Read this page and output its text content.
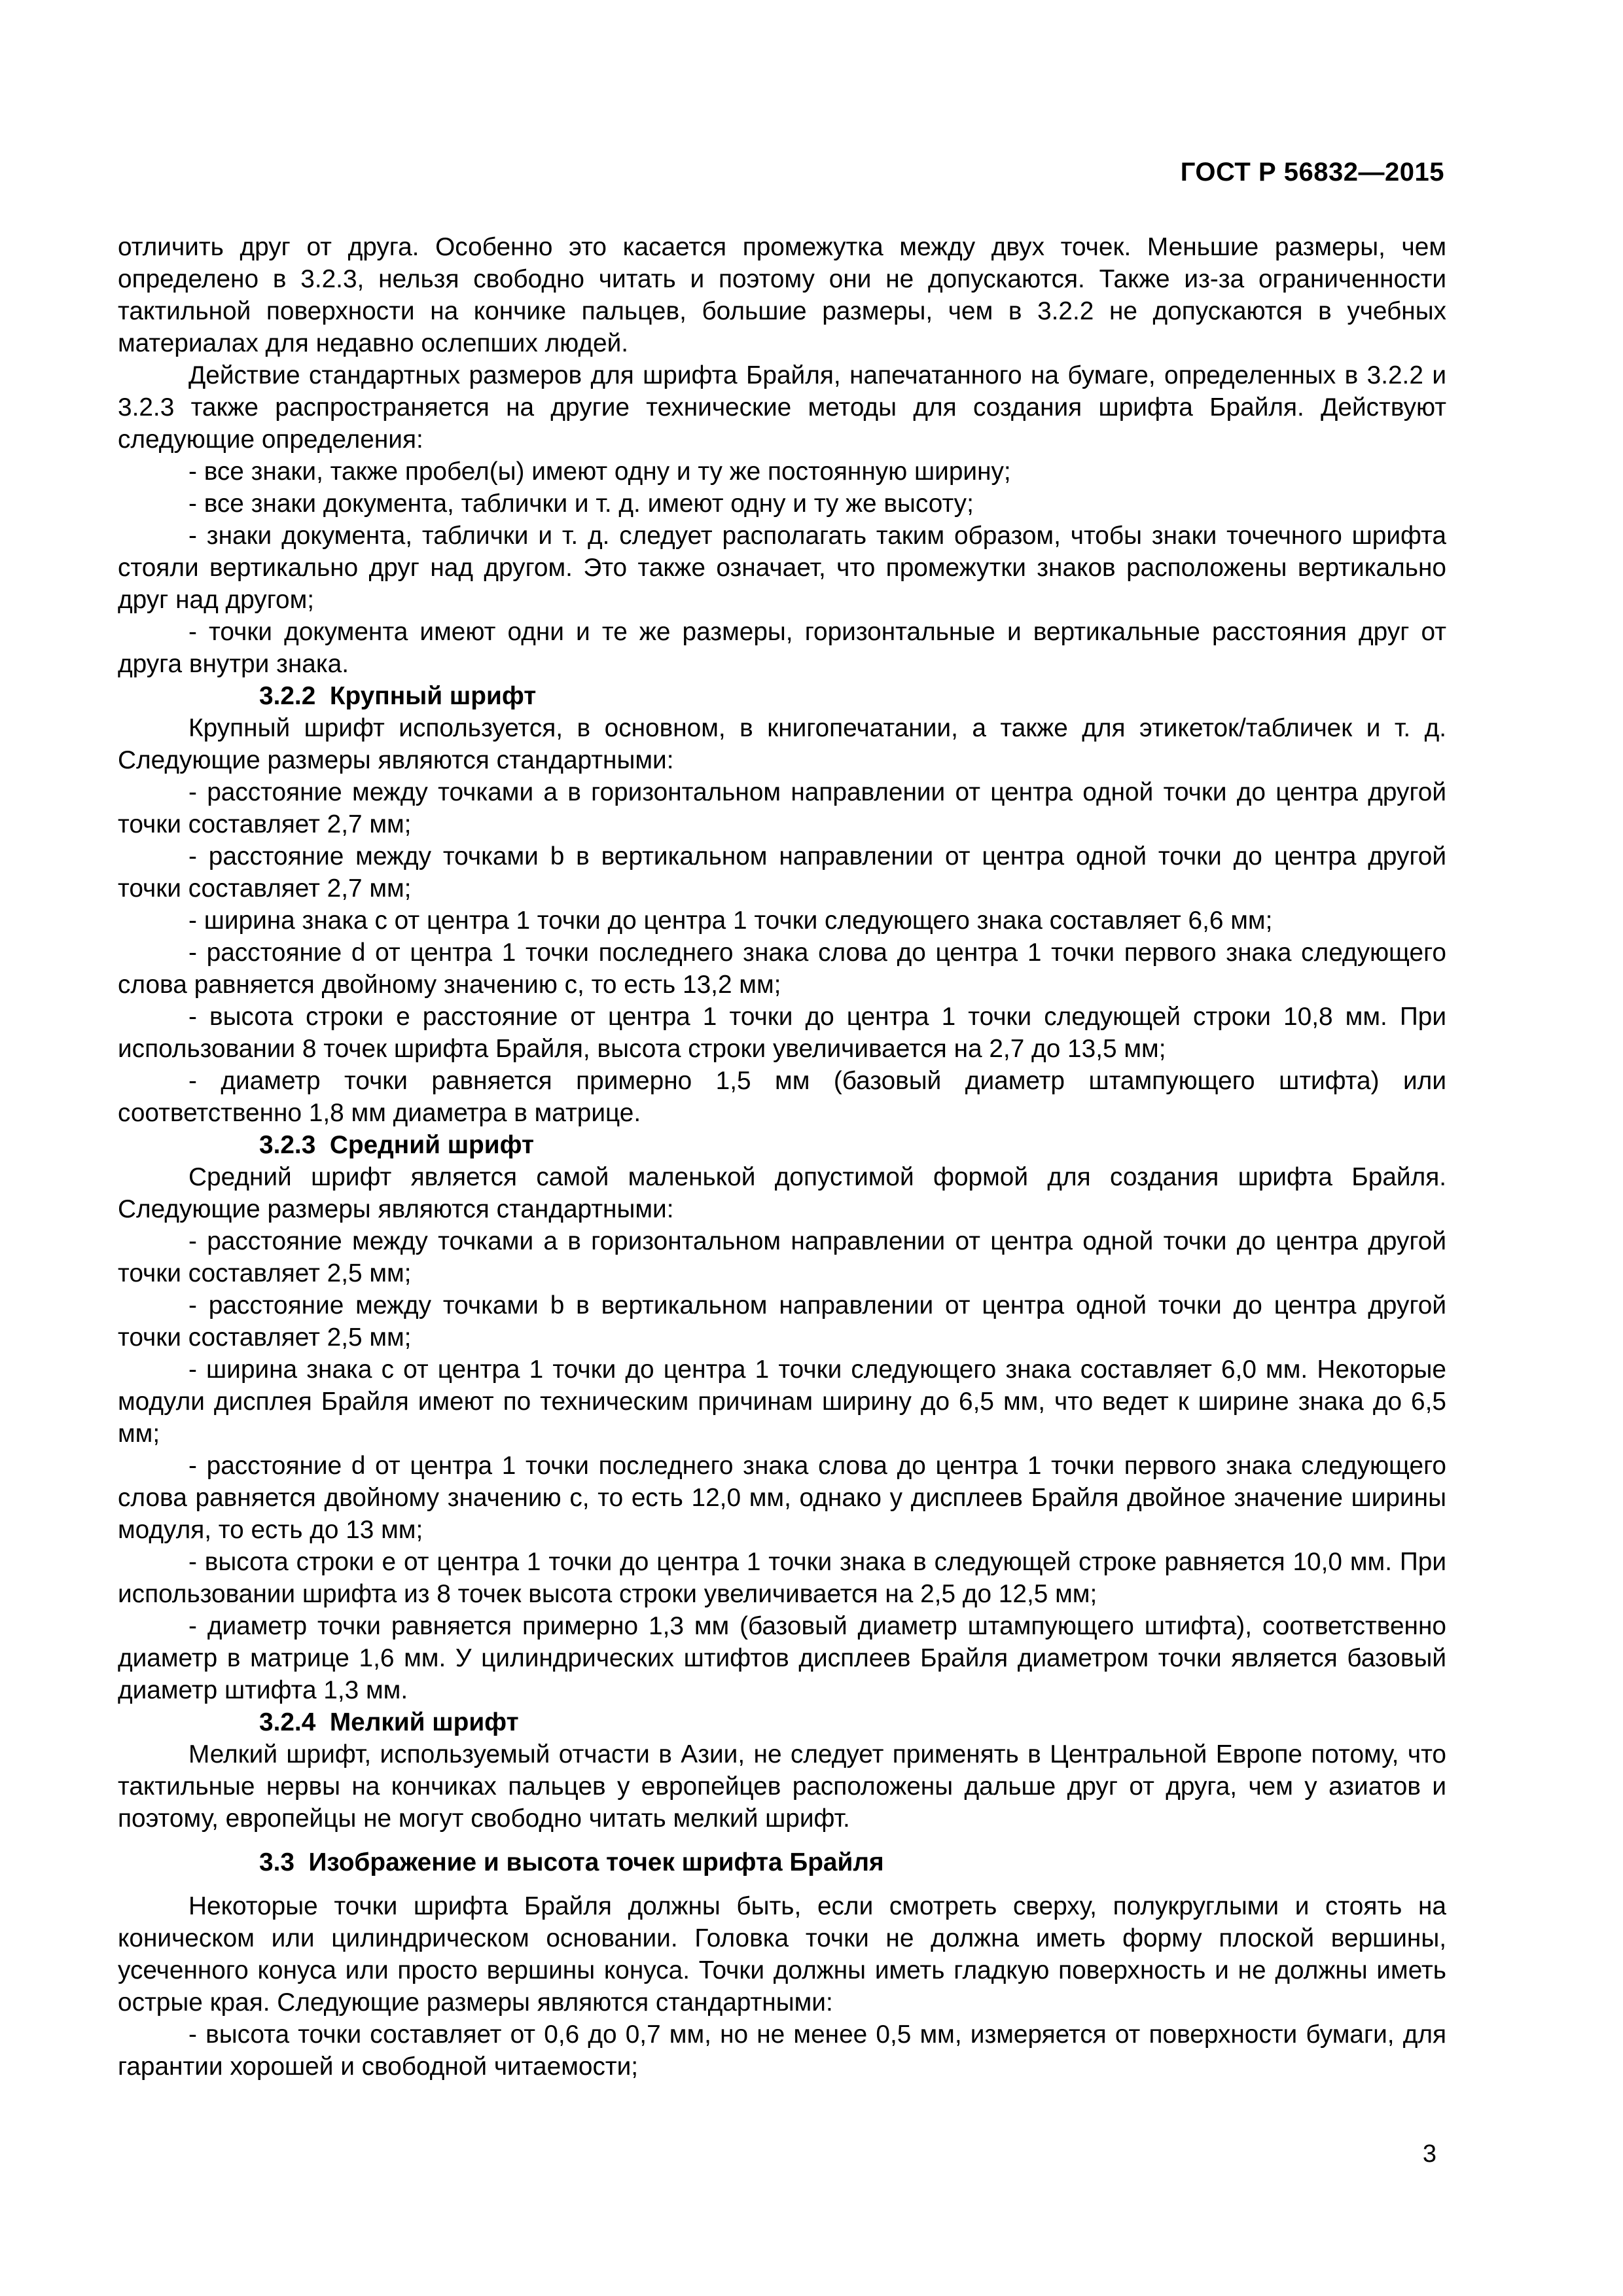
ГОСТ Р 56832—2015

отличить друг от друга. Особенно это касается промежутка между двух точек. Меньшие размеры, чем определено в 3.2.3, нельзя свободно читать и поэтому они не допускаются. Также из-за ограниченности тактильной поверхности на кончике пальцев, большие размеры, чем в 3.2.2 не допускаются в учебных материалах для недавно ослепших людей.

Действие стандартных размеров для шрифта Брайля, напечатанного на бумаге, определенных в 3.2.2 и 3.2.3 также распространяется на другие технические методы для создания шрифта Брайля. Действуют следующие определения:

- все знаки, также пробел(ы) имеют одну и ту же постоянную ширину;

- все знаки документа, таблички и т. д. имеют одну и ту же высоту;

- знаки документа, таблички и т. д. следует располагать таким образом, чтобы знаки точечного шрифта стояли вертикально друг над другом. Это также означает, что промежутки знаков расположены вертикально друг над другом;

- точки документа имеют одни и те же размеры, горизонтальные и вертикальные расстояния друг от друга внутри знака.

3.2.2 Крупный шрифт

Крупный шрифт используется, в основном, в книгопечатании, а также для этикеток/табличек и т. д. Следующие размеры являются стандартными:

- расстояние между точками a в горизонтальном направлении от центра одной точки до центра другой точки составляет 2,7 мм;

- расстояние между точками b в вертикальном направлении от центра одной точки до центра другой точки составляет 2,7 мм;

- ширина знака c от центра 1 точки до центра 1 точки следующего знака составляет 6,6 мм;

- расстояние d от центра 1 точки последнего знака слова до центра 1 точки первого знака следующего слова равняется двойному значению с, то есть 13,2 мм;

- высота строки е расстояние от центра 1 точки до центра 1 точки следующей строки 10,8 мм. При использовании 8 точек шрифта Брайля, высота строки увеличивается на 2,7 до 13,5 мм;

- диаметр точки равняется примерно 1,5 мм (базовый диаметр штампующего штифта) или соответственно 1,8 мм диаметра в матрице.

3.2.3 Средний шрифт

Средний шрифт является самой маленькой допустимой формой для создания шрифта Брайля. Следующие размеры являются стандартными:

- расстояние между точками a в горизонтальном направлении от центра одной точки до центра другой точки составляет 2,5 мм;

- расстояние между точками b в вертикальном направлении от центра одной точки до центра другой точки составляет 2,5 мм;

- ширина знака c от центра 1 точки до центра 1 точки следующего знака составляет 6,0 мм. Некоторые модули дисплея Брайля имеют по техническим причинам ширину до 6,5 мм, что ведет к ширине знака до 6,5 мм;

- расстояние d от центра 1 точки последнего знака слова до центра 1 точки первого знака следующего слова равняется двойному значению с, то есть 12,0 мм, однако у дисплеев Брайля двойное значение ширины модуля, то есть до 13 мм;

- высота строки е от центра 1 точки до центра 1 точки знака в следующей строке равняется 10,0 мм. При использовании шрифта из 8 точек высота строки увеличивается на 2,5 до 12,5 мм;

- диаметр точки равняется примерно 1,3 мм (базовый диаметр штампующего штифта), соответственно диаметр в матрице 1,6 мм. У цилиндрических штифтов дисплеев Брайля диаметром точки является базовый диаметр штифта 1,3 мм.

3.2.4 Мелкий шрифт

Мелкий шрифт, используемый отчасти в Азии, не следует применять в Центральной Европе потому, что тактильные нервы на кончиках пальцев у европейцев расположены дальше друг от друга, чем у азиатов и поэтому, европейцы не могут свободно читать мелкий шрифт.

3.3 Изображение и высота точек шрифта Брайля

Некоторые точки шрифта Брайля должны быть, если смотреть сверху, полукруглыми и стоять на коническом или цилиндрическом основании. Головка точки не должна иметь форму плоской вершины, усеченного конуса или просто вершины конуса. Точки должны иметь гладкую поверхность и не должны иметь острые края. Следующие размеры являются стандартными:

- высота точки составляет от 0,6 до 0,7 мм, но не менее 0,5 мм, измеряется от поверхности бумаги, для гарантии хорошей и свободной читаемости;

3
